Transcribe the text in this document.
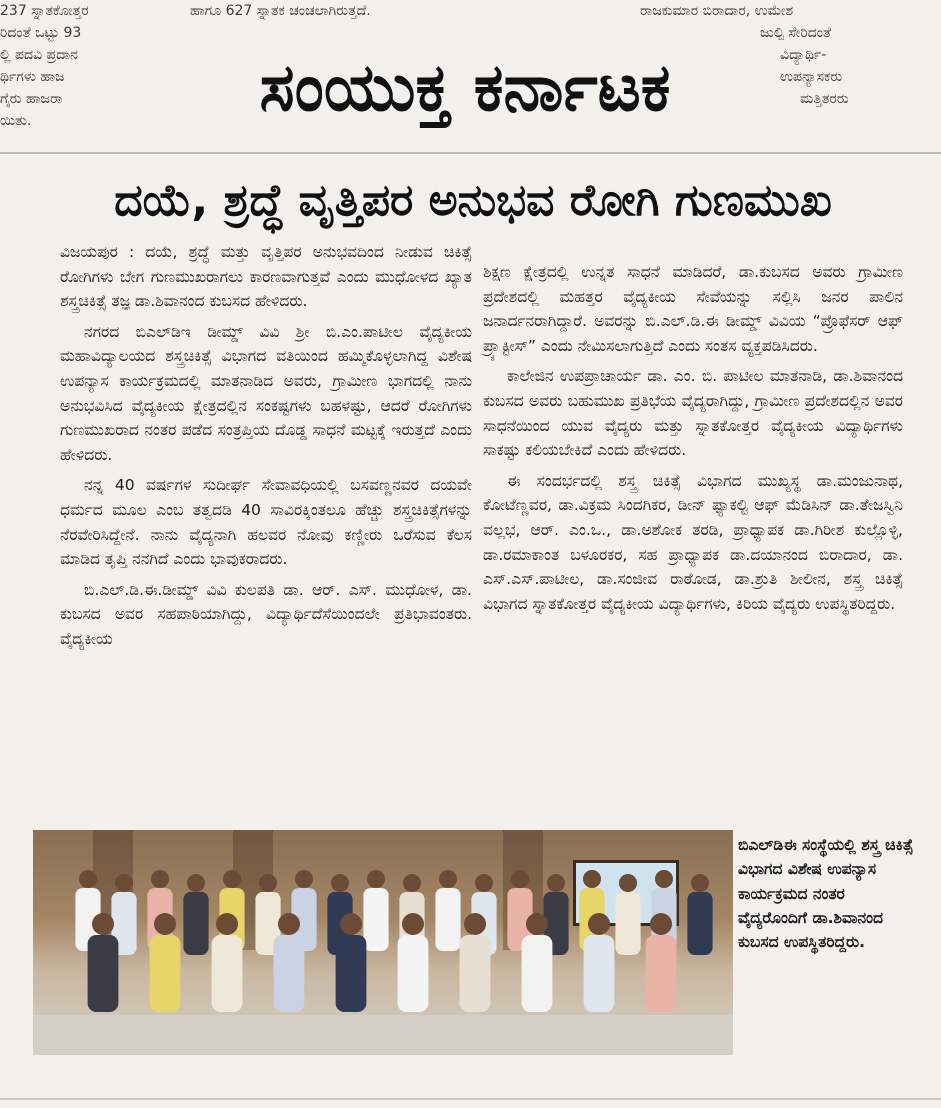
237 ಸ್ನಾತಕೋತ್ತರ
ರಿದಂತೆ ಒಟ್ಟು 93
ಲ್ಲಿ ಪದವಿ ಪ್ರದಾನ
ರ್ಥಿಗಳು ಹಾಜ
ಗೈರು ಹಾಜರಾ
ಯಿತು.
ಹಾಗೂ 627 ಸ್ನಾತಕ ಚಂಚಲಾಗಿರುತ್ತದೆ.	ರಾಜಕುಮಾರ ಬಿರಾದಾರ, ಉಮೇಶ
ಜುಲ್ಪಿ ಸೇರಿದಂತೆ
ವಿದ್ಯಾರ್ಥಿ-
ಉಪನ್ಯಾಸಕರು
ಮತ್ತಿತರರು
ಸಂಯುಕ್ತ ಕರ್ನಾಟಕ
ದಯೆ, ಶ್ರದ್ಧೆ ವೃತ್ತಿಪರ ಅನುಭವ ರೋಗಿ ಗುಣಮುಖ

ವಿಜಯಪುರ : ದಯೆ, ಶ್ರದ್ಧೆ ಮತ್ತು ವೃತ್ತಿಪರ ಅನುಭವದಿಂದ ನೀಡುವ ಚಿಕಿತ್ಸೆ ರೋಗಿಗಳು ಬೇಗ ಗುಣಮುಖರಾಗಲು ಕಾರಣವಾಗುತ್ತವೆ ಎಂದು ಮುಧೋಳದ ಖ್ಯಾತ ಶಸ್ತ್ರಚಿಕಿತ್ಸೆ ತಜ್ಞ ಡಾ.ಶಿವಾನಂದ ಕುಬಸದ ಹೇಳಿದರು.

ನಗರದ ಬಿಎಲ್‌ಡಿಇ ಡೀಮ್ಡ್ ವಿವಿ ಶ್ರೀ ಬಿ.ಎಂ.ಪಾಟೀಲ ವೈದ್ಯಕೀಯ ಮಹಾವಿದ್ಯಾಲಯದ ಶಸ್ತ್ರಚಿಕಿತ್ಸೆ ವಿಭಾಗದ ವತಿಯಿಂದ ಹಮ್ಮಿಕೊಳ್ಳಲಾಗಿದ್ದ ವಿಶೇಷ ಉಪನ್ಯಾಸ ಕಾರ್ಯಕ್ರಮದಲ್ಲಿ ಮಾತನಾಡಿದ ಅವರು, ಗ್ರಾಮೀಣ ಭಾಗದಲ್ಲಿ ನಾನು ಅನುಭವಿಸಿದ ವೈದ್ಯಕೀಯ ಕ್ಷೇತ್ರದಲ್ಲಿನ ಸಂಕಷ್ಟಗಳು ಬಹಳಷ್ಟು, ಆದರೆ ರೋಗಿಗಳು ಗುಣಮುಖರಾದ ನಂತರ ಪಡೆದ ಸಂತ್ರಪ್ತಿಯ ದೊಡ್ಡ ಸಾಧನೆ ಮಟ್ಟಕ್ಕೆ ಇರುತ್ತದೆ ಎಂದು ಹೇಳಿದರು.

ನನ್ನ 40 ವರ್ಷಗಳ ಸುದೀರ್ಘ ಸೇವಾವಧಿಯಲ್ಲಿ ಬಸವಣ್ಣನವರ ದಯವೇ ಧರ್ಮದ ಮೂಲ ಎಂಬ ತತ್ವದಡಿ 40 ಸಾವಿರಕ್ಕಿಂತಲೂ ಹೆಚ್ಚು ಶಸ್ತ್ರಚಿಕಿತ್ಸೆಗಳನ್ನು ನೆರವೇರಿಸಿದ್ದೇನೆ. ನಾನು ವೈದ್ಯನಾಗಿ ಹಲವರ ನೋವು ಕಣ್ಣೀರು ಒರೆಸುವ ಕೆಲಸ ಮಾಡಿದ ತೃಪ್ತಿ ನನಗಿದೆ ಎಂದು ಭಾವುಕರಾದರು.

ಬಿ.ಎಲ್.ಡಿ.ಈ.ಡೀಮ್ಡ್ ವಿವಿ ಕುಲಪತಿ ಡಾ. ಆರ್. ಎಸ್. ಮುಧೋಳ, ಡಾ. ಕುಬಸದ ಅವರ ಸಹಪಾಠಿಯಾಗಿದ್ದು, ವಿದ್ಯಾರ್ಥಿದೆಸೆಯಿಂದಲೇ ಪ್ರತಿಭಾವಂತರು. ವೈದ್ಯಕೀಯ

ಶಿಕ್ಷಣ ಕ್ಷೇತ್ರದಲ್ಲಿ ಉನ್ನತ ಸಾಧನೆ ಮಾಡಿದರೆ, ಡಾ.ಕುಬಸದ ಅವರು ಗ್ರಾಮೀಣ ಪ್ರದೇಶದಲ್ಲಿ ಮಹತ್ತರ ವೈದ್ಯಕೀಯ ಸೇವೆಯನ್ನು ಸಲ್ಲಿಸಿ ಜನರ ಪಾಲಿನ ಜನಾರ್ದನರಾಗಿದ್ದಾರೆ. ಅವರನ್ನು ಬಿ.ಎಲ್.ಡಿ.ಈ ಡೀಮ್ಡ್ ವಿವಿಯ “ಪ್ರೊಫೆಸರ್ ಆಫ್ ಪ್ರ್ಯಾಕ್ಟೀಸ್” ಎಂದು ನೇಮಿಸಲಾಗುತ್ತಿದೆ ಎಂದು ಸಂತಸ ವ್ಯಕ್ತಪಡಿಸಿದರು.

ಕಾಲೇಜಿನ ಉಪಪ್ರಾಚಾರ್ಯ ಡಾ. ಎಂ. ಬಿ. ಪಾಟೀಲ ಮಾತನಾಡಿ, ಡಾ.ಶಿವಾನಂದ ಕುಬಸದ ಅವರು ಬಹುಮುಖ ಪ್ರತಿಭೆಯ ವೈದ್ಯರಾಗಿದ್ದು, ಗ್ರಾಮೀಣ ಪ್ರದೇಶದಲ್ಲಿನ ಅವರ ಸಾಧನೆಯಿಂದ ಯುವ ವೈದ್ಯರು ಮತ್ತು ಸ್ನಾತಕೋತ್ತರ ವೈದ್ಯಕೀಯ ವಿದ್ಯಾರ್ಥಿಗಳು ಸಾಕಷ್ಟು ಕಲಿಯಬೇಕಿದೆ ಎಂದು ಹೇಳಿದರು.

ಈ ಸಂದರ್ಭದಲ್ಲಿ ಶಸ್ತ್ರ ಚಿಕಿತ್ಸೆ ವಿಭಾಗದ ಮುಖ್ಯಸ್ಥ ಡಾ.ಮಂಜುನಾಥ, ಕೋಟೆಣ್ಣವರ, ಡಾ.ವಿಕ್ರಮ ಸಿಂದಗಿಕರ, ಡೀನ್ ಫ್ಯಾಕಲ್ಟಿ ಆಫ್ ಮೆಡಿಸಿನ್ ಡಾ.ತೇಜಸ್ವಿನಿ ವಲ್ಲಭ, ಆರ್. ಎಂ.ಒ., ಡಾ.ಅಶೋಕ ತರಡಿ, ಪ್ರಾಧ್ಯಾಪಕ ಡಾ.ಗಿರೀಶ ಕುಲ್ಲೊಳ್ಳಿ, ಡಾ.ರಮಾಕಾಂತ ಬಳೂರಕರ, ಸಹ ಪ್ರಾಧ್ಯಾಪಕ ಡಾ.ದಯಾನಂದ ಬಿರಾದಾರ, ಡಾ. ಎಸ್.ಎಸ್.ಪಾಟೀಲ, ಡಾ.ಸಂಜೀವ ರಾಠೋಡ, ಡಾ.ಶ್ರುತಿ ಶೀಲೀನ, ಶಸ್ತ್ರ ಚಿಕಿತ್ಸೆ ವಿಭಾಗದ ಸ್ನಾತಕೋತ್ತರ ವೈದ್ಯಕೀಯ ವಿದ್ಯಾರ್ಥಿಗಳು, ಕಿರಿಯ ವೈದ್ಯರು ಉಪಸ್ಥಿತರಿದ್ದರು.

ಬಿಎಲ್‌ಡಿಈ ಸಂಸ್ಥೆಯಲ್ಲಿ ಶಸ್ತ್ರ ಚಿಕಿತ್ಸೆ ವಿಭಾಗದ ವಿಶೇಷ ಉಪನ್ಯಾಸ ಕಾರ್ಯಕ್ರಮದ ನಂತರ ವೈದ್ಯರೊಂದಿಗೆ ಡಾ.ಶಿವಾನಂದ ಕುಬಸದ ಉಪಸ್ಥಿತರಿದ್ದರು.
